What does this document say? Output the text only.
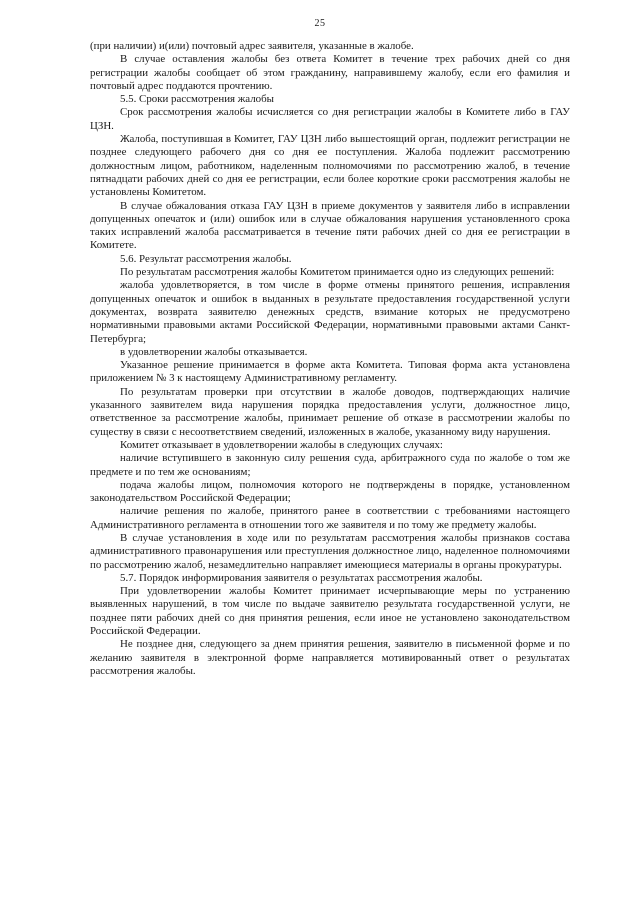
25

(при наличии) и(или) почтовый адрес заявителя, указанные в жалобе.

В случае оставления жалобы без ответа Комитет в течение трех рабочих дней со дня регистрации жалобы сообщает об этом гражданину, направившему жалобу, если его фамилия и почтовый адрес поддаются прочтению.

5.5. Сроки рассмотрения жалобы

Срок рассмотрения жалобы исчисляется со дня регистрации жалобы в Комитете либо в ГАУ ЦЗН.

Жалоба, поступившая в Комитет, ГАУ ЦЗН либо вышестоящий орган, подлежит регистрации не позднее следующего рабочего дня со дня ее поступления. Жалоба подлежит рассмотрению должностным лицом, работником, наделенным полномочиями по рассмотрению жалоб, в течение пятнадцати рабочих дней со дня ее регистрации, если более короткие сроки рассмотрения жалобы не установлены Комитетом.

В случае обжалования отказа ГАУ ЦЗН в приеме документов у заявителя либо в исправлении допущенных опечаток и (или) ошибок или в случае обжалования нарушения установленного срока таких исправлений жалоба рассматривается в течение пяти рабочих дней со дня ее регистрации в Комитете.

5.6. Результат рассмотрения жалобы.

По результатам рассмотрения жалобы Комитетом принимается одно из следующих решений:

жалоба удовлетворяется, в том числе в форме отмены принятого решения, исправления допущенных опечаток и ошибок в выданных в результате предоставления государственной услуги документах, возврата заявителю денежных средств, взимание которых не предусмотрено нормативными правовыми актами Российской Федерации, нормативными правовыми актами Санкт-Петербурга;

в удовлетворении жалобы отказывается.

Указанное решение принимается в форме акта Комитета. Типовая форма акта установлена приложением № 3 к настоящему Административному регламенту.

По результатам проверки при отсутствии в жалобе доводов, подтверждающих наличие указанного заявителем вида нарушения порядка предоставления услуги, должностное лицо, ответственное за рассмотрение жалобы, принимает решение об отказе в рассмотрении жалобы по существу в связи с несоответствием сведений, изложенных в жалобе, указанному виду нарушения.

Комитет отказывает в удовлетворении жалобы в следующих случаях:

наличие вступившего в законную силу решения суда, арбитражного суда по жалобе о том же предмете и по тем же основаниям;

подача жалобы лицом, полномочия которого не подтверждены в порядке, установленном законодательством Российской Федерации;

наличие решения по жалобе, принятого ранее в соответствии с требованиями настоящего Административного регламента в отношении того же заявителя и по тому же предмету жалобы.

В случае установления в ходе или по результатам рассмотрения жалобы признаков состава административного правонарушения или преступления должностное лицо, наделенное полномочиями по рассмотрению жалоб, незамедлительно направляет имеющиеся материалы в органы прокуратуры.

5.7. Порядок информирования заявителя о результатах рассмотрения жалобы.

При удовлетворении жалобы Комитет принимает исчерпывающие меры по устранению выявленных нарушений, в том числе по выдаче заявителю результата государственной услуги, не позднее пяти рабочих дней со дня принятия решения, если иное не установлено законодательством Российской Федерации.

Не позднее дня, следующего за днем принятия решения, заявителю в письменной форме и по желанию заявителя в электронной форме направляется мотивированный ответ о результатах рассмотрения жалобы.
